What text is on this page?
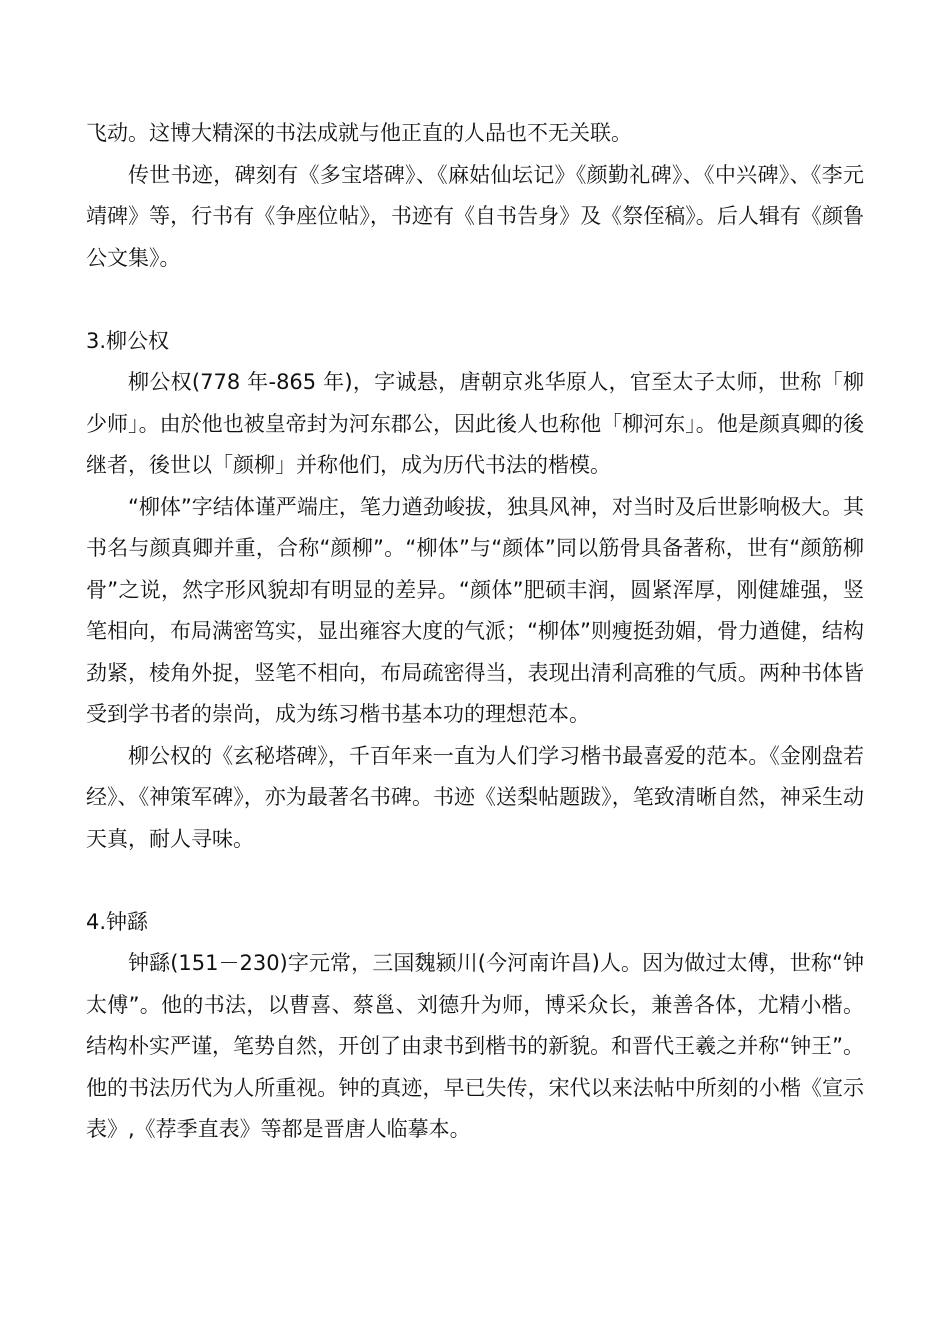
飞动。这博大精深的书法成就与他正直的人品也不无关联。

传世书迹，碑刻有《多宝塔碑》、《麻姑仙坛记》《颜勤礼碑》、《中兴碑》、《李元靖碑》等，行书有《争座位帖》，书迹有《自书告身》及《祭侄稿》。后人辑有《颜鲁公文集》。

3.柳公权

柳公权(778 年-865 年)，字诚悬，唐朝京兆华原人，官至太子太师，世称「柳少师」。由於他也被皇帝封为河东郡公，因此後人也称他「柳河东」。他是颜真卿的後继者，後世以「颜柳」并称他们，成为历代书法的楷模。

“柳体”字结体谨严端庄，笔力遒劲峻拔，独具风神，对当时及后世影响极大。其书名与颜真卿并重，合称“颜柳”。“柳体”与“颜体”同以筋骨具备著称，世有“颜筋柳骨”之说，然字形风貌却有明显的差异。“颜体”肥硕丰润，圆紧浑厚，刚健雄强，竖笔相向，布局满密笃实，显出雍容大度的气派；“柳体”则瘦挺劲媚，骨力遒健，结构劲紧，棱角外捉，竖笔不相向，布局疏密得当，表现出清利高雅的气质。两种书体皆受到学书者的崇尚，成为练习楷书基本功的理想范本。

柳公权的《玄秘塔碑》，千百年来一直为人们学习楷书最喜爱的范本。《金刚盘若经》、《神策军碑》，亦为最著名书碑。书迹《送梨帖题跋》，笔致清晰自然，神采生动天真，耐人寻味。

4.钟繇

钟繇(151－230)字元常，三国魏颍川(今河南许昌)人。因为做过太傅，世称“钟太傅”。他的书法，以曹喜、蔡邕、刘德升为师，博采众长，兼善各体，尤精小楷。结构朴实严谨，笔势自然，开创了由隶书到楷书的新貌。和晋代王羲之并称“钟王”。他的书法历代为人所重视。钟的真迹，早已失传，宋代以来法帖中所刻的小楷《宣示表》,《荐季直表》等都是晋唐人临摹本。
